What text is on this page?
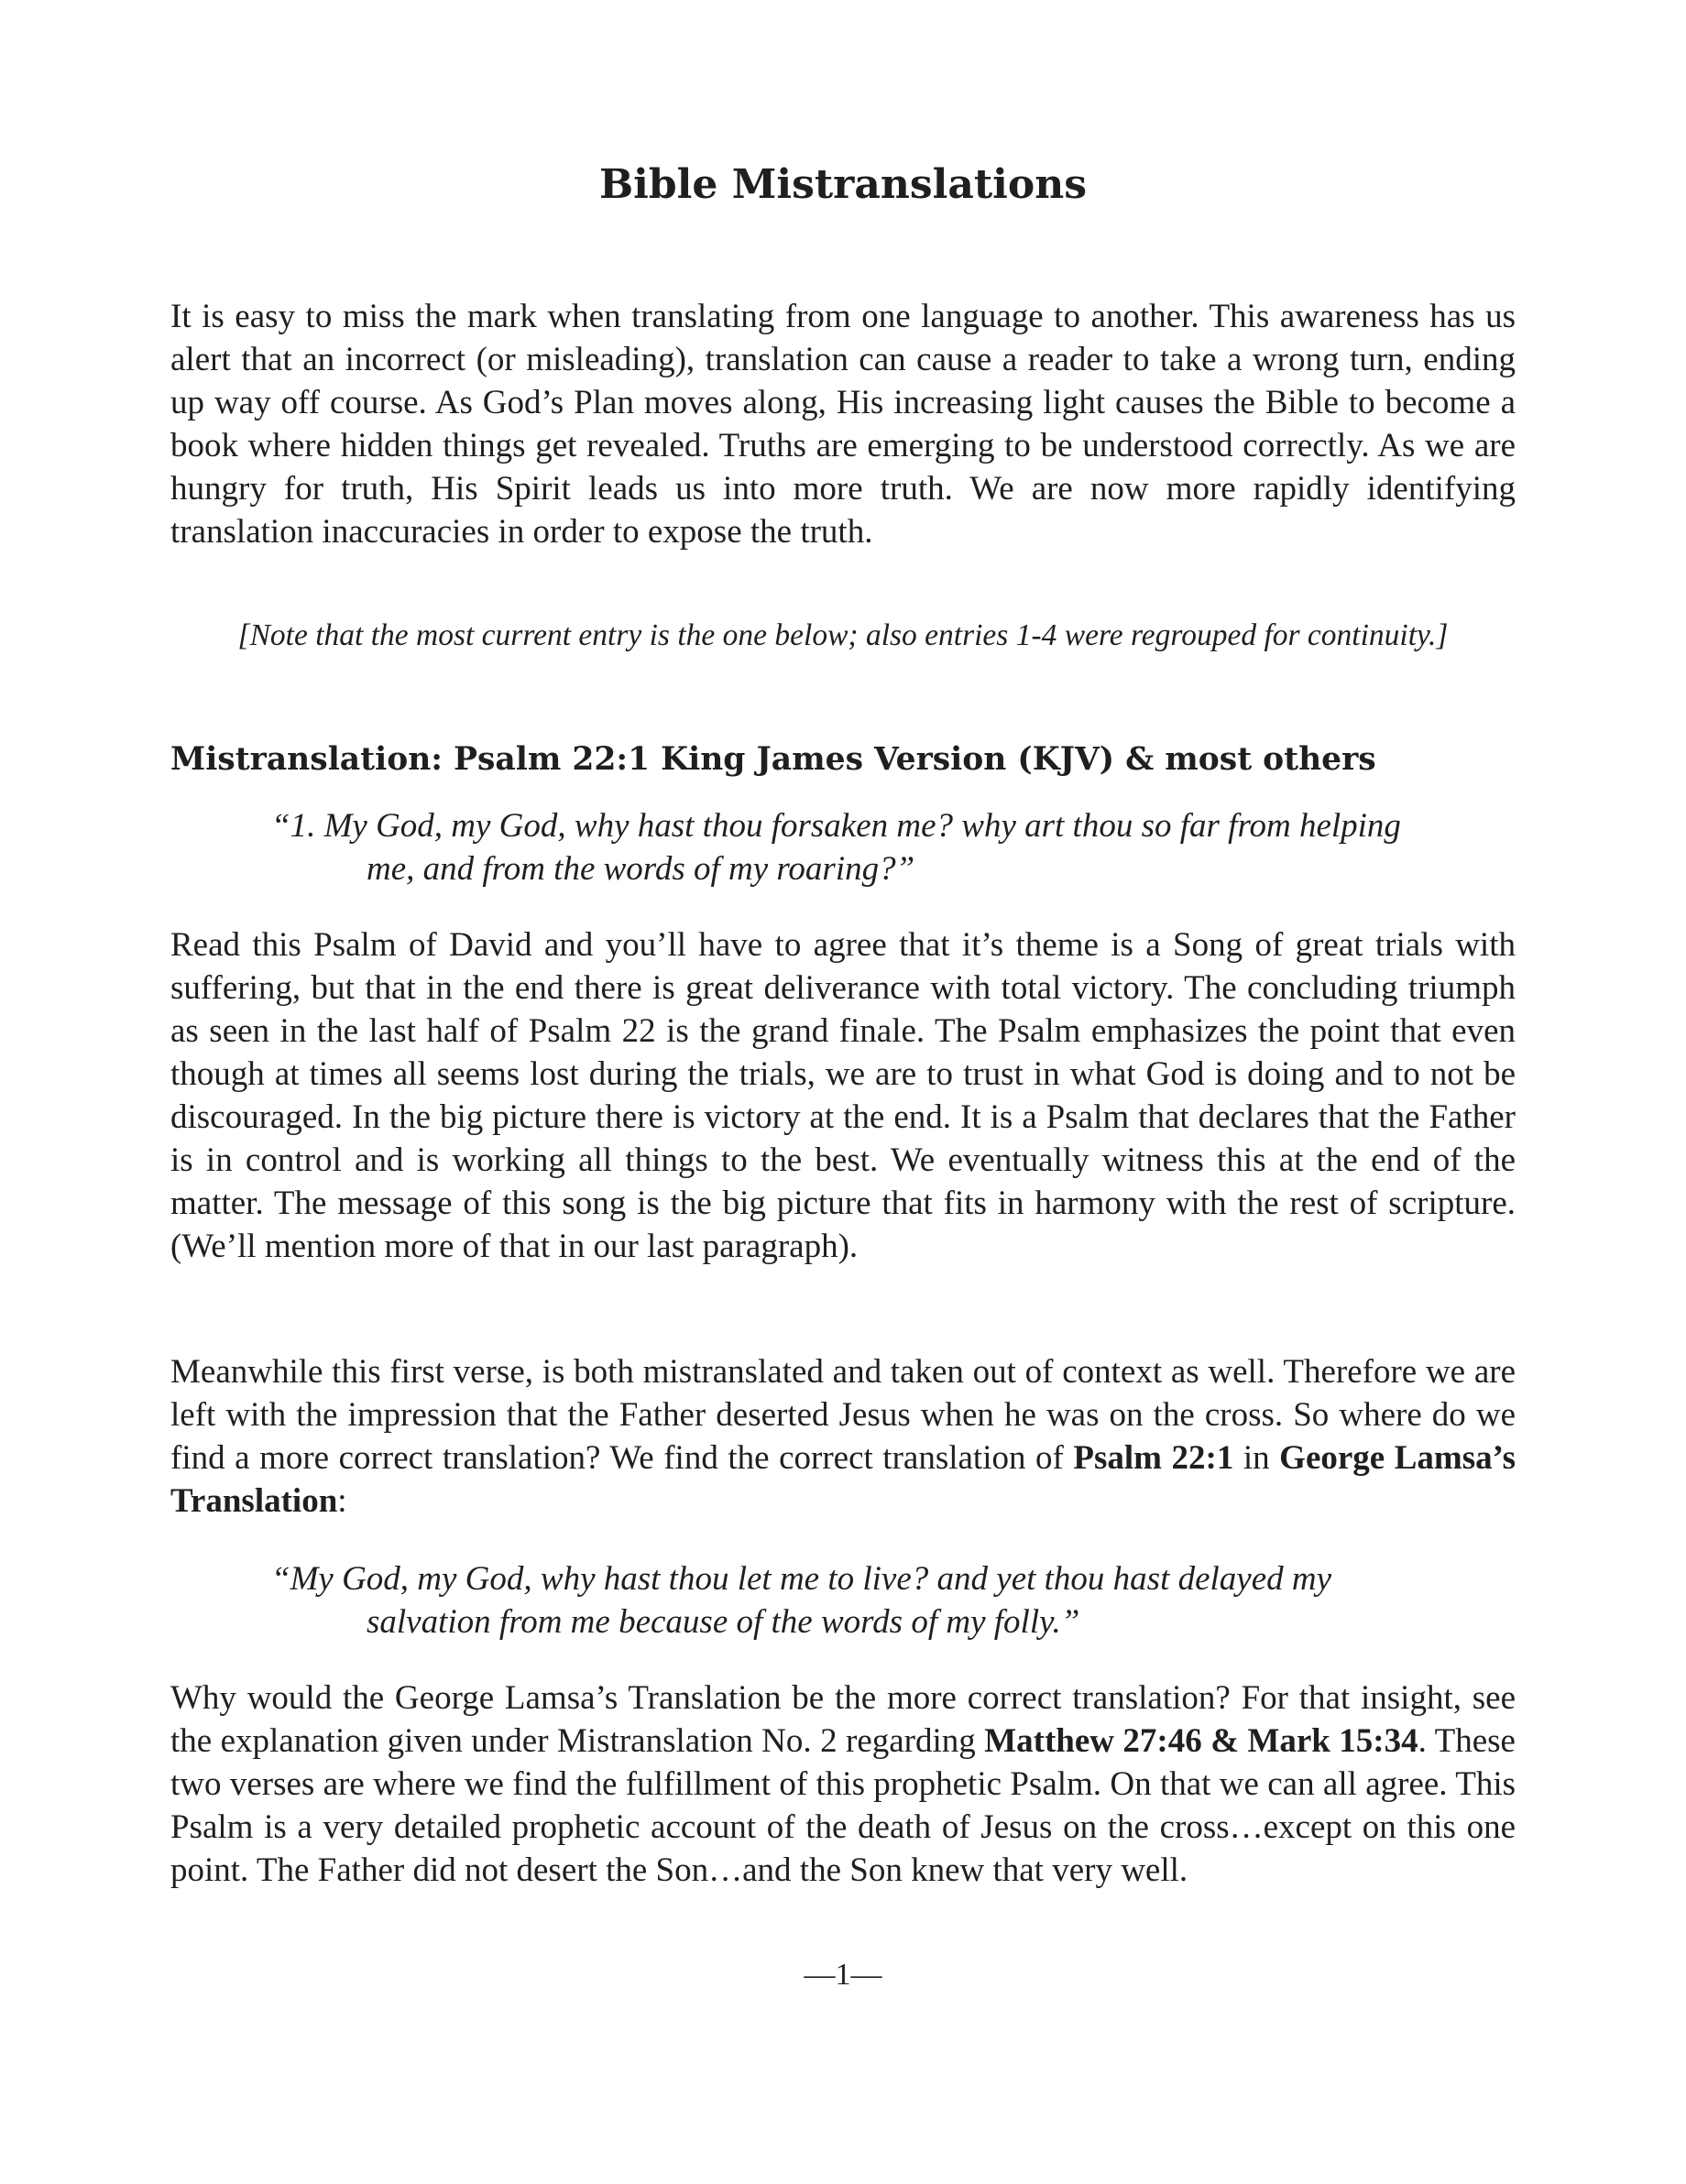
Bible Mistranslations

It is easy to miss the mark when translating from one language to another. This awareness has us alert that an incorrect (or misleading), translation can cause a reader to take a wrong turn, ending up way off course. As God’s Plan moves along, His increasing light causes the Bible to become a book where hidden things get revealed. Truths are emerging to be understood correctly. As we are hungry for truth, His Spirit leads us into more truth. We are now more rapidly identifying translation inaccuracies in order to expose the truth.

[Note that the most current entry is the one below; also entries 1-4 were regrouped for continuity.]

Mistranslation: Psalm 22:1 King James Version (KJV) & most others

“1. My God, my God, why hast thou forsaken me? why art thou so far from helping
me, and from the words of my roaring?”

Read this Psalm of David and you’ll have to agree that it’s theme is a Song of great trials with suffering, but that in the end there is great deliverance with total victory. The concluding triumph as seen in the last half of Psalm 22 is the grand finale. The Psalm emphasizes the point that even though at times all seems lost during the trials, we are to trust in what God is doing and to not be discouraged. In the big picture there is victory at the end. It is a Psalm that declares that the Father is in control and is working all things to the best. We eventually witness this at the end of the matter. The message of this song is the big picture that fits in harmony with the rest of scripture. (We’ll mention more of that in our last paragraph).

Meanwhile this first verse, is both mistranslated and taken out of context as well. Therefore we are left with the impression that the Father deserted Jesus when he was on the cross. So where do we find a more correct translation? We find the correct translation of Psalm 22:1 in George Lamsa’s Translation:

“My God, my God, why hast thou let me to live? and yet thou hast delayed my
salvation from me because of the words of my folly.”

Why would the George Lamsa’s Translation be the more correct translation? For that insight, see the explanation given under Mistranslation No. 2 regarding Matthew 27:46 & Mark 15:34. These two verses are where we find the fulfillment of this prophetic Psalm. On that we can all agree. This Psalm is a very detailed prophetic account of the death of Jesus on the cross…except on this one point. The Father did not desert the Son…and the Son knew that very well.

—1—
